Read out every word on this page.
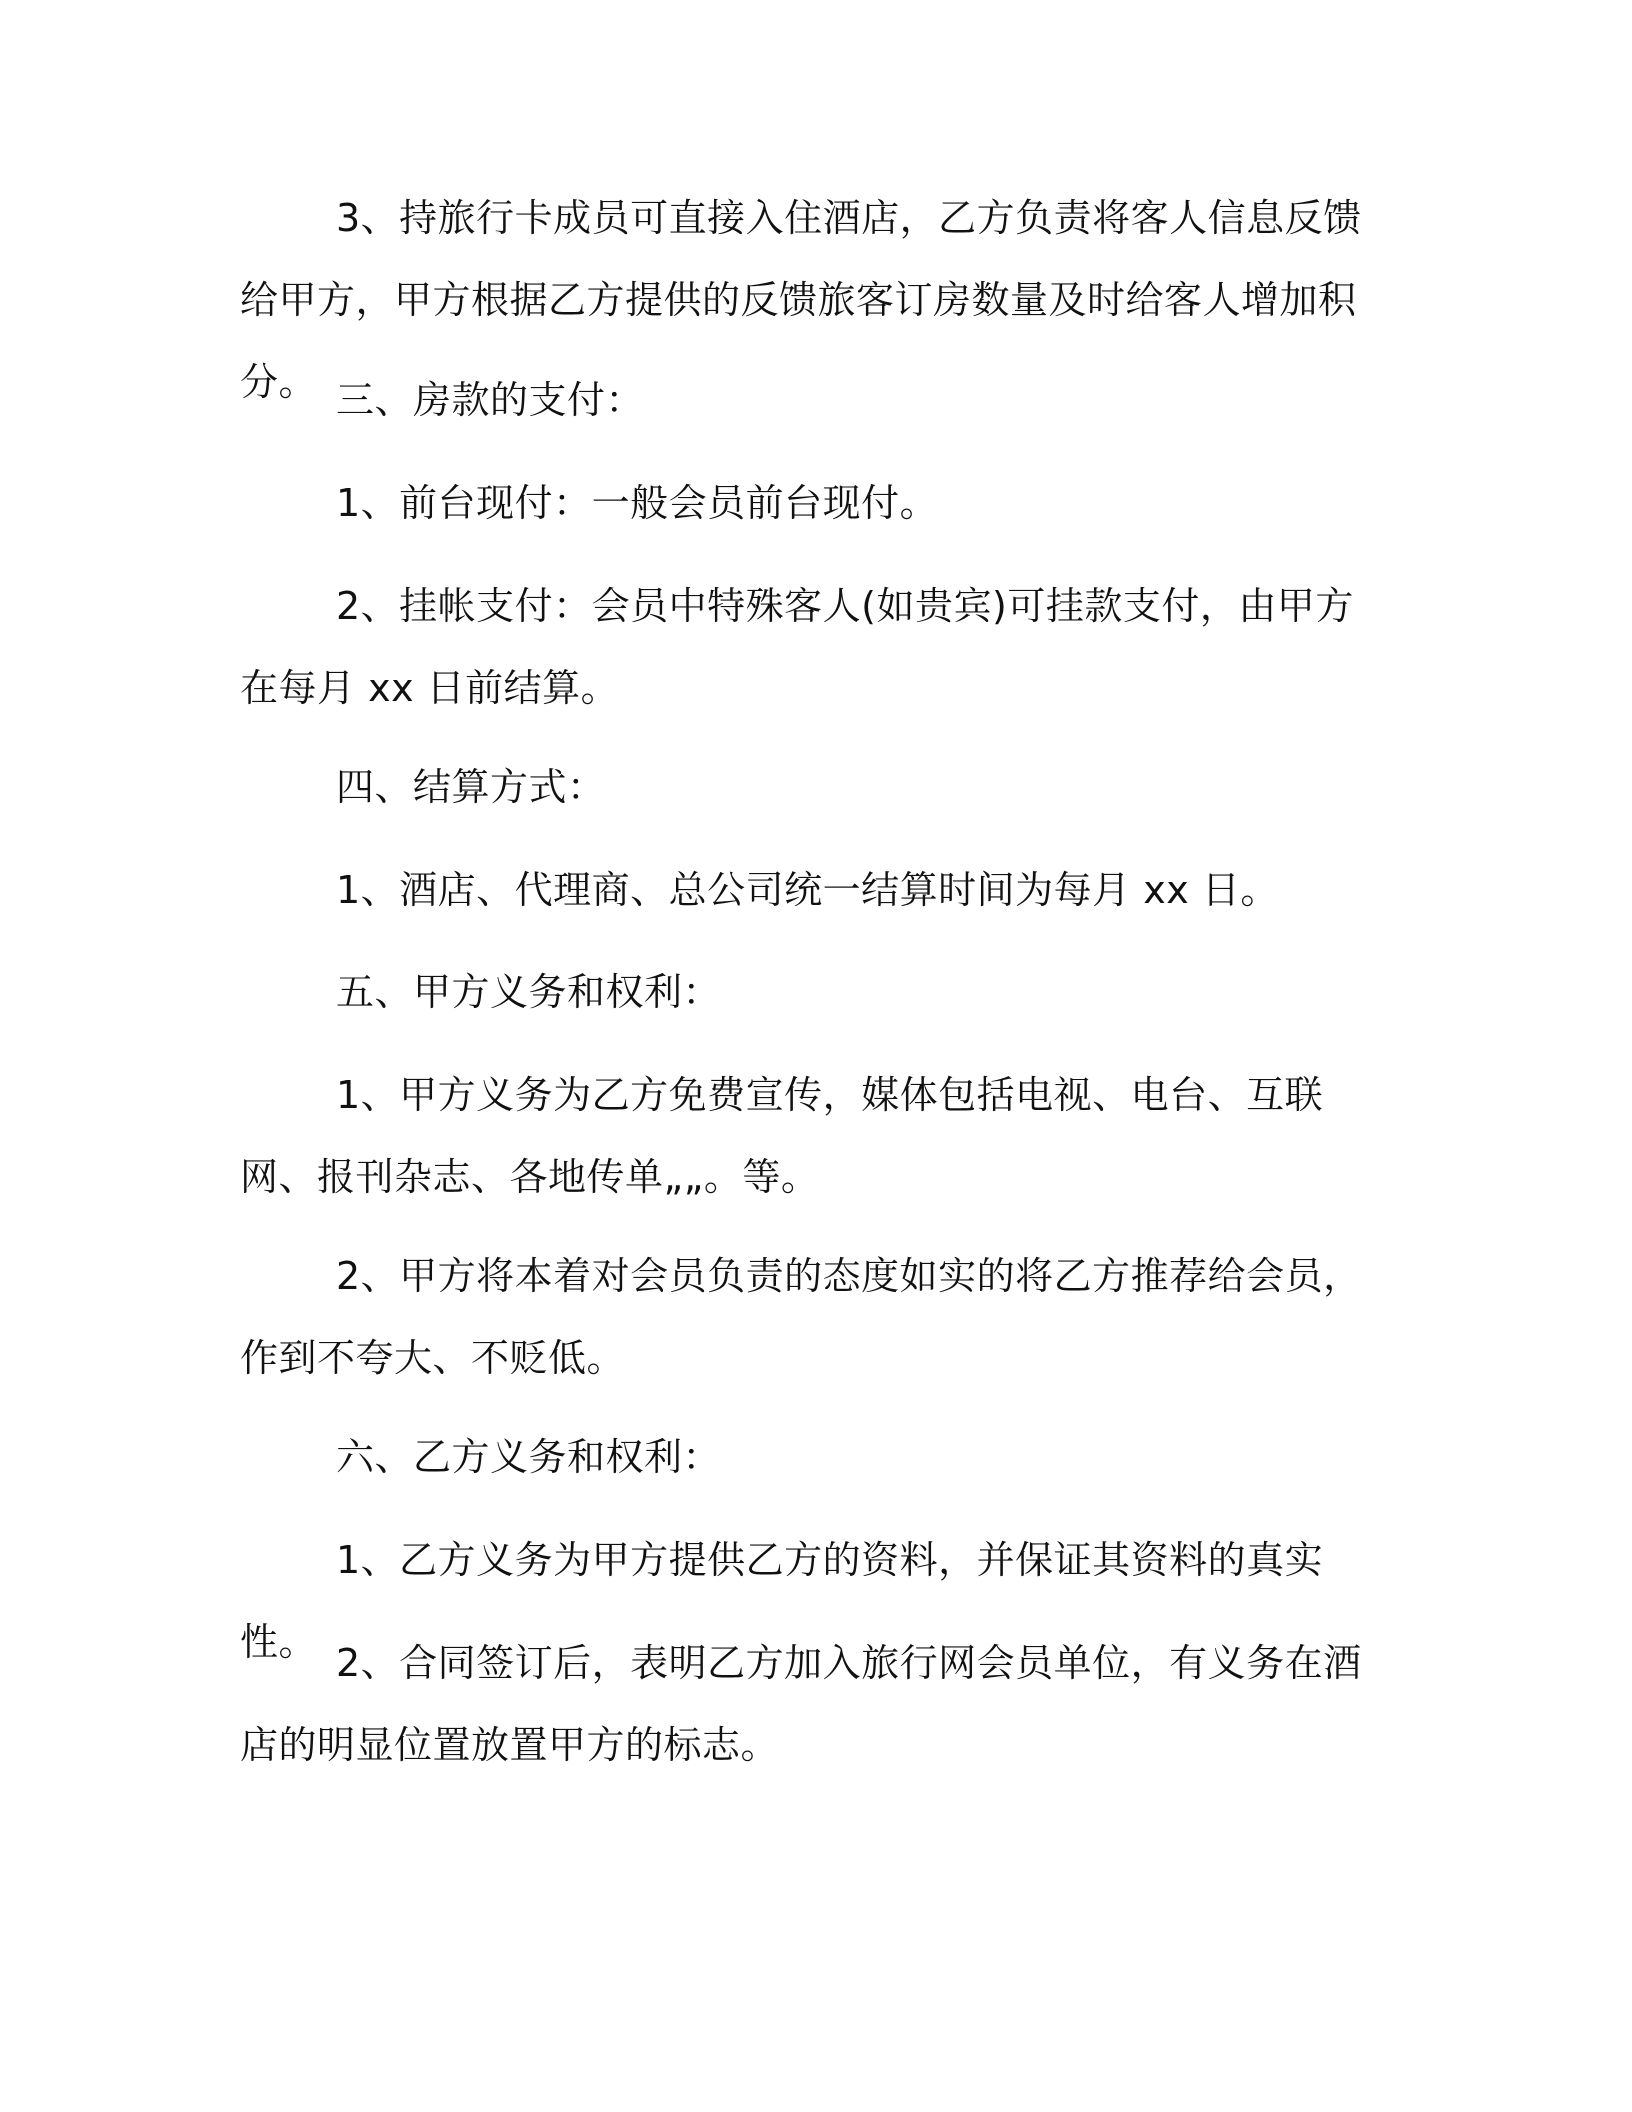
3、持旅行卡成员可直接入住酒店，乙方负责将客人信息反馈给甲方，甲方根据乙方提供的反馈旅客订房数量及时给客人增加积分。 三、房款的支付：

1、前台现付：一般会员前台现付。

2、挂帐支付：会员中特殊客人(如贵宾)可挂款支付，由甲方在每月 xx 日前结算。

四、结算方式：

1、酒店、代理商、总公司统一结算时间为每月 xx 日。

五、甲方义务和权利：

1、甲方义务为乙方免费宣传，媒体包括电视、电台、互联网、报刊杂志、各地传单„„。等。

2、甲方将本着对会员负责的态度如实的将乙方推荐给会员，作到不夸大、不贬低。

六、乙方义务和权利：

1、乙方义务为甲方提供乙方的资料，并保证其资料的真实性。 2、合同签订后，表明乙方加入旅行网会员单位，有义务在酒店的明显位置放置甲方的标志。
